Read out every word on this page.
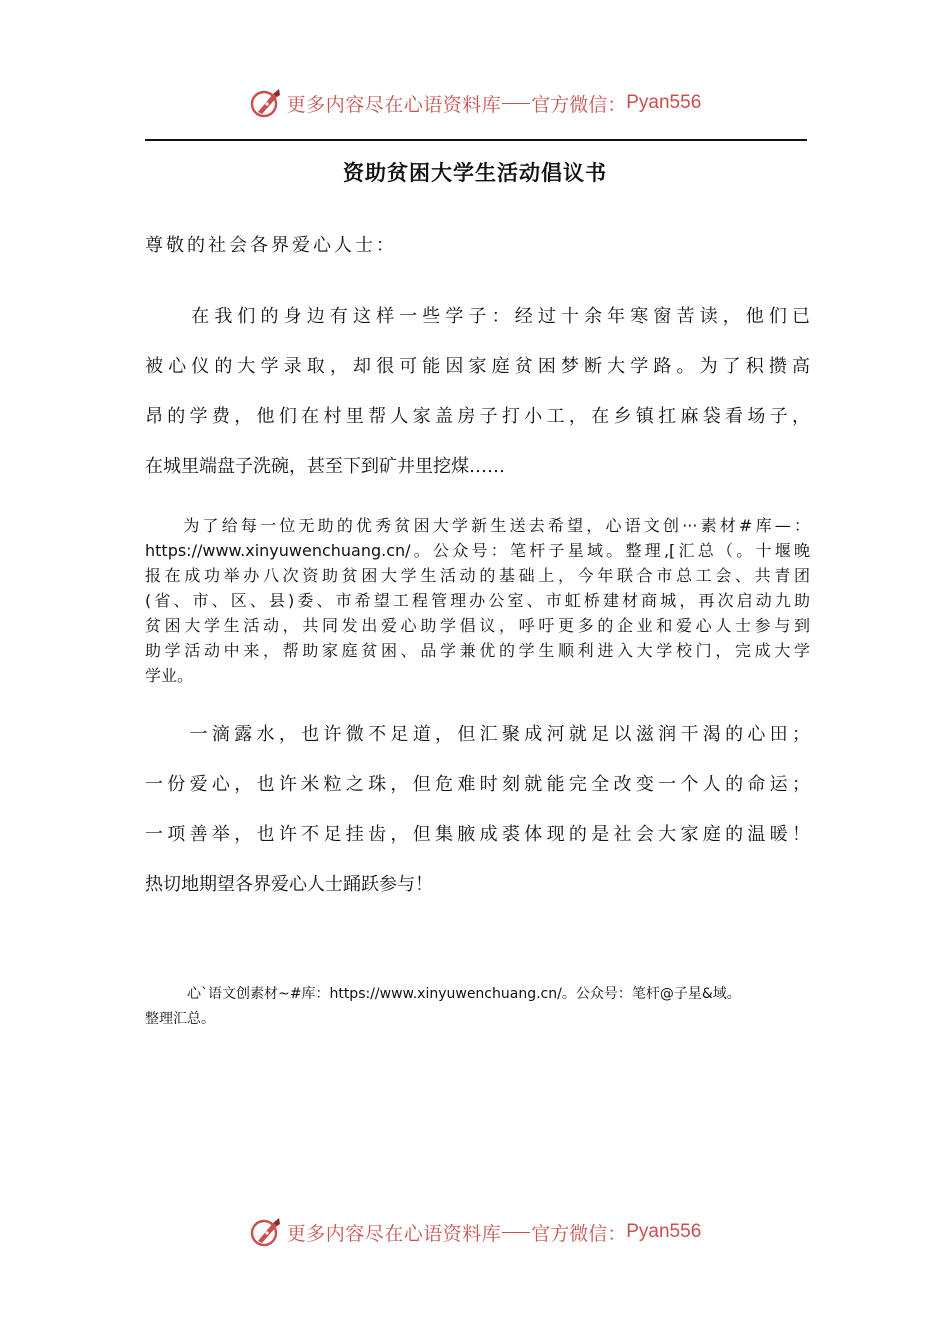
更多内容尽在心语资料库 官方微信： Pyan556
资助贫困大学生活动倡议书
尊敬的社会各界爱心人士：
　　在我们的身边有这样一些学子：经过十余年寒窗苦读，他们已
被心仪的大学录取，却很可能因家庭贫困梦断大学路。为了积攒高
昂的学费，他们在村里帮人家盖房子打小工，在乡镇扛麻袋看场子，
在城里端盘子洗碗，甚至下到矿井里挖煤……
　　为了给每一位无助的优秀贫困大学新生送去希望，心语文创···素材#库—：
https://www.xinyuwenchuang.cn/。公众号：笔杆子星域。整理,[汇总（。十堰晚
报在成功举办八次资助贫困大学生活动的基础上，今年联合市总工会、共青团
(省、市、区、县)委、市希望工程管理办公室、市虹桥建材商城，再次启动九助
贫困大学生活动，共同发出爱心助学倡议，呼吁更多的企业和爱心人士参与到
助学活动中来，帮助家庭贫困、品学兼优的学生顺利进入大学校门，完成大学
学业。
　　一滴露水，也许微不足道，但汇聚成河就足以滋润干渴的心田；
一份爱心，也许米粒之珠，但危难时刻就能完全改变一个人的命运；
一项善举，也许不足挂齿，但集腋成裘体现的是社会大家庭的温暖！
热切地期望各界爱心人士踊跃参与！
　　　心`语文创素材~#库：https://www.xinyuwenchuang.cn/。公众号：笔杆@子星&域。
整理汇总。
更多内容尽在心语资料库 官方微信： Pyan556
